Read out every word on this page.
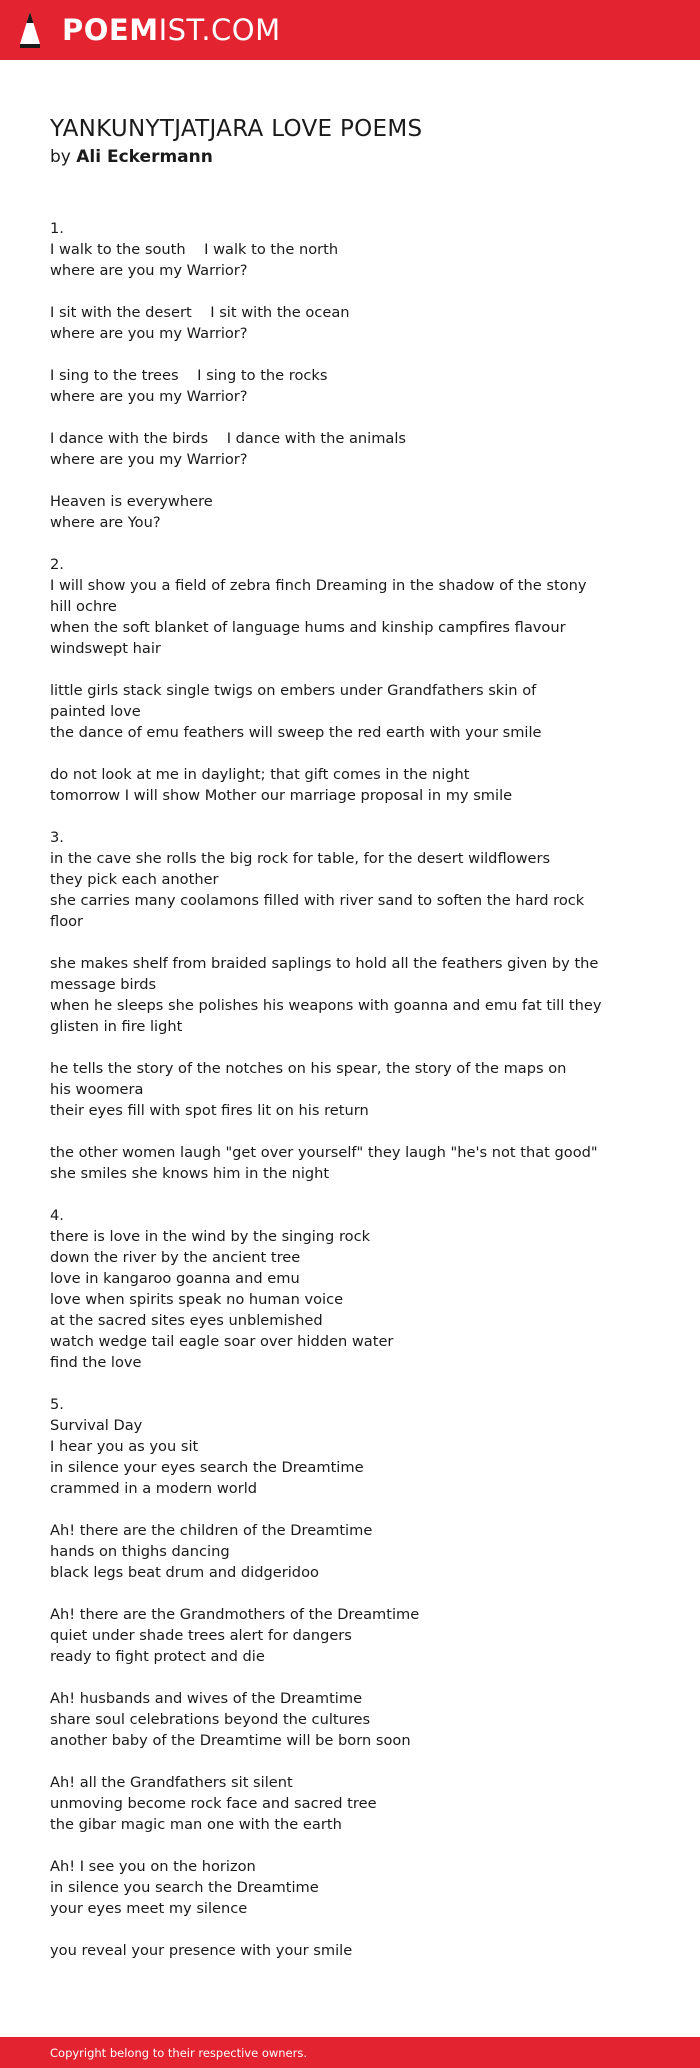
POEMIST.COM
YANKUNYTJATJARA LOVE POEMS
by Ali Eckermann
1.
I walk to the south    I walk to the north
where are you my Warrior?
I sit with the desert    I sit with the ocean
where are you my Warrior?
I sing to the trees    I sing to the rocks
where are you my Warrior?
I dance with the birds    I dance with the animals
where are you my Warrior?
Heaven is everywhere
where are You?
2.
I will show you a field of zebra finch Dreaming in the shadow of the stony
hill ochre
when the soft blanket of language hums and kinship campfires flavour
windswept hair
little girls stack single twigs on embers under Grandfathers skin of
painted love
the dance of emu feathers will sweep the red earth with your smile
do not look at me in daylight; that gift comes in the night
tomorrow I will show Mother our marriage proposal in my smile
3.
in the cave she rolls the big rock for table, for the desert wildflowers
they pick each another
she carries many coolamons filled with river sand to soften the hard rock
floor
she makes shelf from braided saplings to hold all the feathers given by the
message birds
when he sleeps she polishes his weapons with goanna and emu fat till they
glisten in fire light
he tells the story of the notches on his spear, the story of the maps on
his woomera
their eyes fill with spot fires lit on his return
the other women laugh "get over yourself" they laugh "he's not that good"
she smiles she knows him in the night
4.
there is love in the wind by the singing rock
down the river by the ancient tree
love in kangaroo goanna and emu
love when spirits speak no human voice
at the sacred sites eyes unblemished
watch wedge tail eagle soar over hidden water
find the love
5.
Survival Day
I hear you as you sit
in silence your eyes search the Dreamtime
crammed in a modern world
Ah! there are the children of the Dreamtime
hands on thighs dancing
black legs beat drum and didgeridoo
Ah! there are the Grandmothers of the Dreamtime
quiet under shade trees alert for dangers
ready to fight protect and die
Ah! husbands and wives of the Dreamtime
share soul celebrations beyond the cultures
another baby of the Dreamtime will be born soon
Ah! all the Grandfathers sit silent
unmoving become rock face and sacred tree
the gibar magic man one with the earth
Ah! I see you on the horizon
in silence you search the Dreamtime
your eyes meet my silence
you reveal your presence with your smile
Copyright belong to their respective owners.
